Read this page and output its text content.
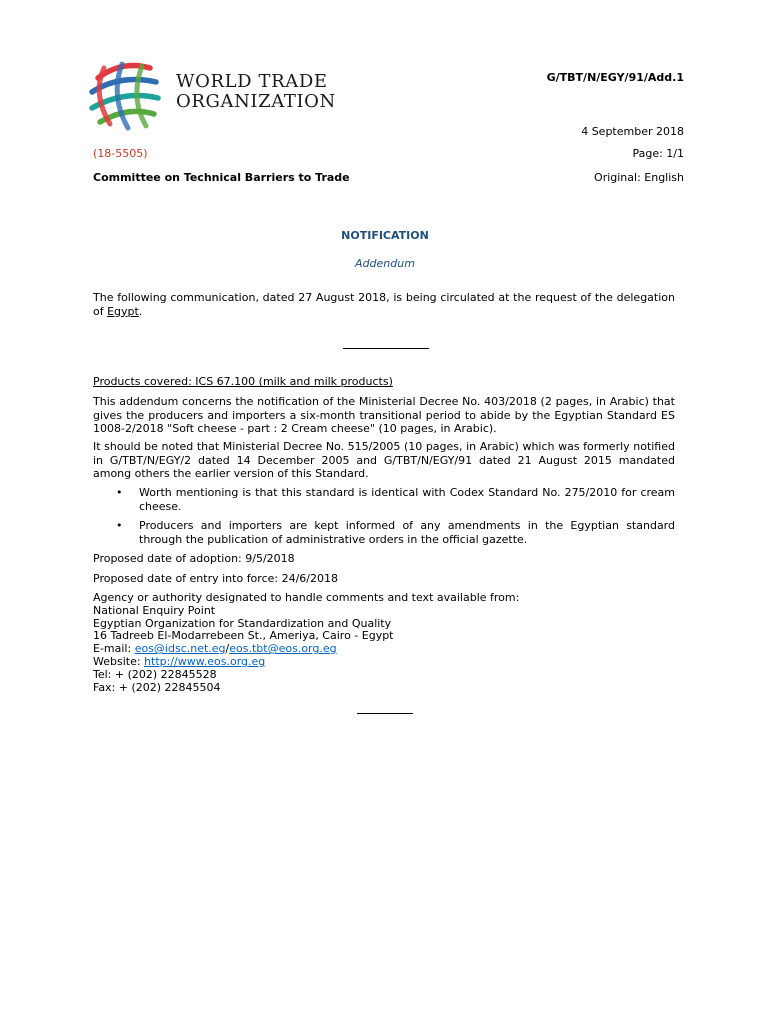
WORLD TRADE
ORGANIZATION
G/TBT/N/EGY/91/Add.1
4 September 2018
(18-5505)	Page: 1/1
Committee on Technical Barriers to Trade	Original: English
NOTIFICATION
Addendum
The following communication, dated 27 August 2018, is being circulated at the request of the delegation of Egypt.
Products covered: ICS 67.100 (milk and milk products)
This addendum concerns the notification of the Ministerial Decree No. 403/2018 (2 pages, in Arabic) that gives the producers and importers a six-month transitional period to abide by the Egyptian Standard ES 1008-2/2018 "Soft cheese - part : 2 Cream cheese" (10 pages, in Arabic).
It should be noted that Ministerial Decree No. 515/2005 (10 pages, in Arabic) which was formerly notified in G/TBT/N/EGY/2 dated 14 December 2005 and G/TBT/N/EGY/91 dated 21 August 2015 mandated among others the earlier version of this Standard.
• Worth mentioning is that this standard is identical with Codex Standard No. 275/2010 for cream cheese.
• Producers and importers are kept informed of any amendments in the Egyptian standard through the publication of administrative orders in the official gazette.
Proposed date of adoption: 9/5/2018
Proposed date of entry into force: 24/6/2018
Agency or authority designated to handle comments and text available from:
National Enquiry Point
Egyptian Organization for Standardization and Quality
16 Tadreeb El-Modarrebeen St., Ameriya, Cairo - Egypt
E-mail: eos@idsc.net.eg/eos.tbt@eos.org.eg
Website: http://www.eos.org.eg
Tel: + (202) 22845528
Fax: + (202) 22845504
